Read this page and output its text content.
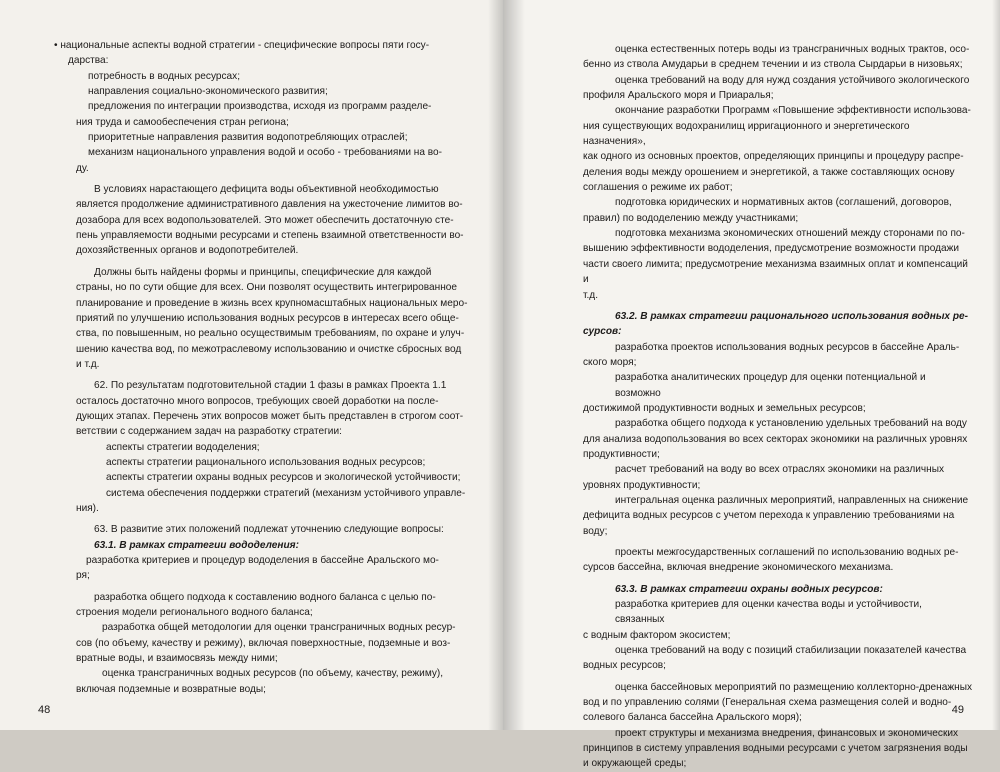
• национальные аспекты водной стратегии - специфические вопросы пяти госу-

дарства:

потребность в водных ресурсах;

направления социально-экономического развития;

предложения по интеграции производства, исходя из программ разделе-

ния труда и самообеспечения стран региона;

приоритетные направления развития водопотребляющих отраслей;

механизм национального управления водой и особо - требованиями на во-

ду.

В условиях нарастающего дефицита воды объективной необходимостью

является продолжение административного давления на ужесточение лимитов во-

дозабора для всех водопользователей. Это может обеспечить достаточную сте-

пень управляемости водными ресурсами и степень взаимной ответственности во-

дохозяйственных органов и водопотребителей.

Должны быть найдены формы и принципы, специфические для каждой

страны, но по сути общие для всех. Они позволят осуществить интегрированное

планирование и проведение в жизнь всех крупномасштабных национальных меро-

приятий по улучшению использования водных ресурсов в интересах всего обще-

ства, по повышенным, но реально осуществимым требованиям, по охране и улуч-

шению качества вод, по межотраслевому использованию и очистке сбросных вод

и т.д.

62. По результатам подготовительной стадии 1 фазы в рамках Проекта 1.1

осталось достаточно много вопросов, требующих своей доработки на после-

дующих этапах. Перечень этих вопросов может быть представлен в строгом соот-

ветствии с содержанием задач на разработку стратегии:

аспекты стратегии вододеления;

аспекты стратегии рационального использования водных ресурсов;

аспекты стратегии охраны водных ресурсов и экологической устойчивости;

система обеспечения поддержки стратегий (механизм устойчивого управле-

ния).

63. В развитие этих положений подлежат уточнению следующие вопросы:

63.1. В рамках стратегии вододеления:

разработка критериев и процедур вододеления в бассейне Аральского мо-

ря;

разработка общего подхода к составлению водного баланса с целью по-

строения модели регионального водного баланса;

разработка общей методологии для оценки трансграничных водных ресур-

сов (по объему, качеству и режиму), включая поверхностные, подземные и воз-

вратные воды, и взаимосвязь между ними;

оценка трансграничных водных ресурсов (по объему, качеству, режиму),

включая подземные и возвратные воды;

48

оценка естественных потерь воды из трансграничных водных трактов, осо-

бенно из ствола Амударьи в среднем течении и из ствола Сырдарьи в низовьях;

оценка требований на воду для нужд создания устойчивого экологического

профиля Аральского моря и Приаралья;

окончание разработки Программ «Повышение эффективности использова-

ния существующих водохранилищ ирригационного и энергетического назначения»,

как одного из основных проектов, определяющих принципы и процедуру распре-

деления воды между орошением и энергетикой, а также составляющих основу

соглашения о режиме их работ;

подготовка юридических и нормативных актов (соглашений, договоров,

правил) по вододелению между участниками;

подготовка механизма экономических отношений между сторонами по по-

вышению эффективности вододеления, предусмотрение возможности продажи

части своего лимита; предусмотрение механизма взаимных оплат и компенсаций и

т.д.

63.2. В рамках стратегии рационального использования водных ре-

сурсов:

разработка проектов использования водных ресурсов в бассейне Араль-

ского моря;

разработка аналитических процедур для оценки потенциальной и возможно

достижимой продуктивности водных и земельных ресурсов;

разработка общего подхода к установлению удельных требований на воду

для анализа водопользования во всех секторах экономики на различных уровнях

продуктивности;

расчет требований на воду во всех отраслях экономики на различных

уровнях продуктивности;

интегральная оценка различных мероприятий, направленных на снижение

дефицита водных ресурсов с учетом перехода к управлению требованиями на

воду;

проекты межгосударственных соглашений по использованию водных ре-

сурсов бассейна, включая внедрение экономического механизма.

63.3. В рамках стратегии охраны водных ресурсов:

разработка критериев для оценки качества воды и устойчивости, связанных

с водным фактором экосистем;

оценка требований на воду с позиций стабилизации показателей качества

водных ресурсов;

оценка бассейновых мероприятий по размещению коллекторно-дренажных

вод и по управлению солями (Генеральная схема размещения солей и водно-

солевого баланса бассейна Аральского моря);

проект структуры и механизма внедрения, финансовых и экономических

принципов в систему управления водными ресурсами с учетом загрязнения воды

и окружающей среды;

49
